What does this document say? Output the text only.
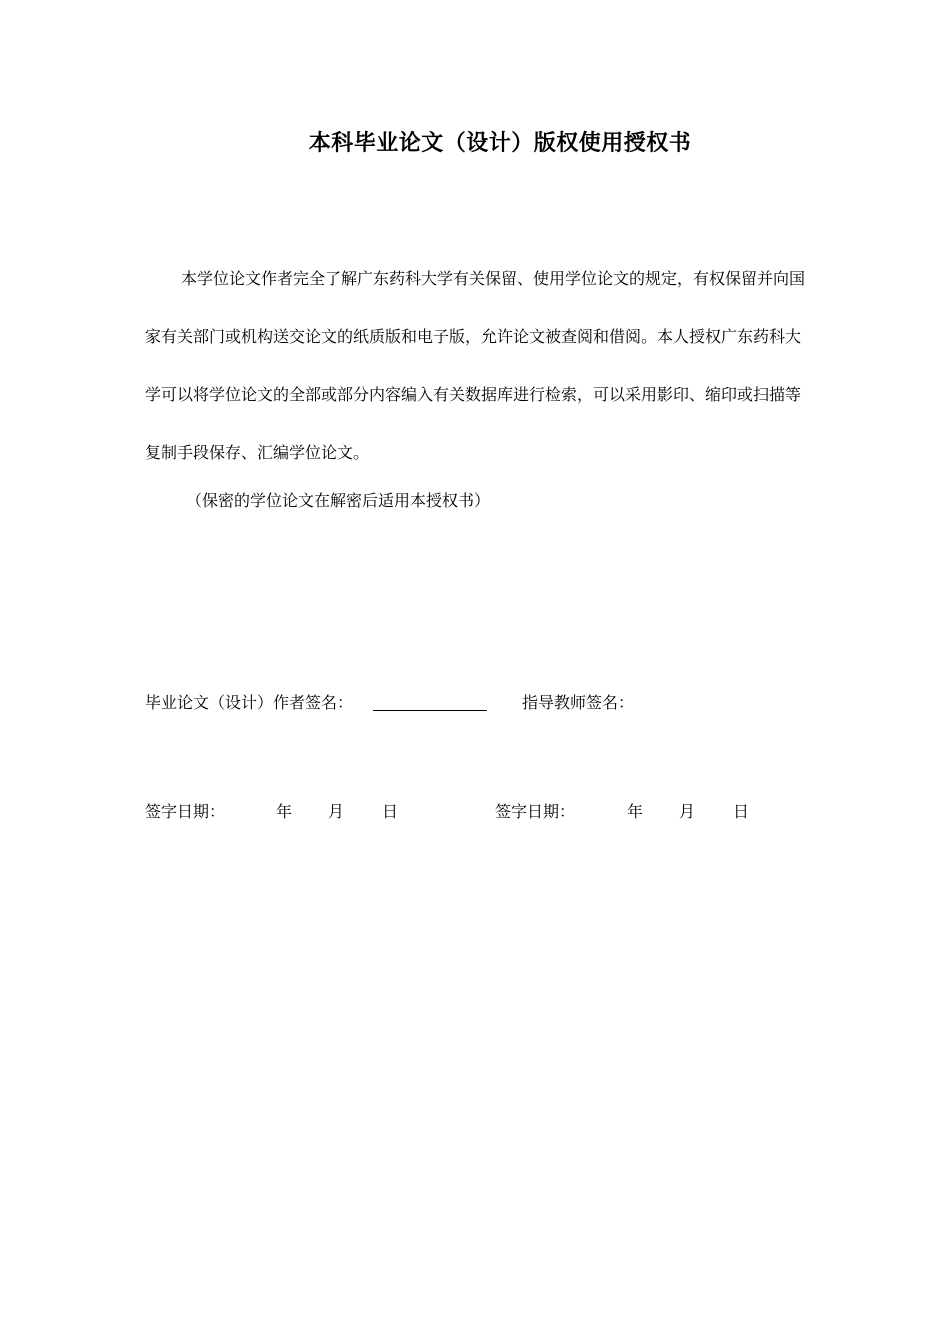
本科毕业论文（设计）版权使用授权书

本学位论文作者完全了解广东药科大学有关保留、使用学位论文的规定，有权保留并向国家有关部门或机构送交论文的纸质版和电子版，允许论文被查阅和借阅。本人授权广东药科大学可以将学位论文的全部或部分内容编入有关数据库进行检索，可以采用影印、缩印或扫描等复制手段保存、汇编学位论文。

（保密的学位论文在解密后适用本授权书）

毕业论文（设计）作者签名：	指导教师签名：
签字日期：	年 月 日	签字日期：	年 月 日
